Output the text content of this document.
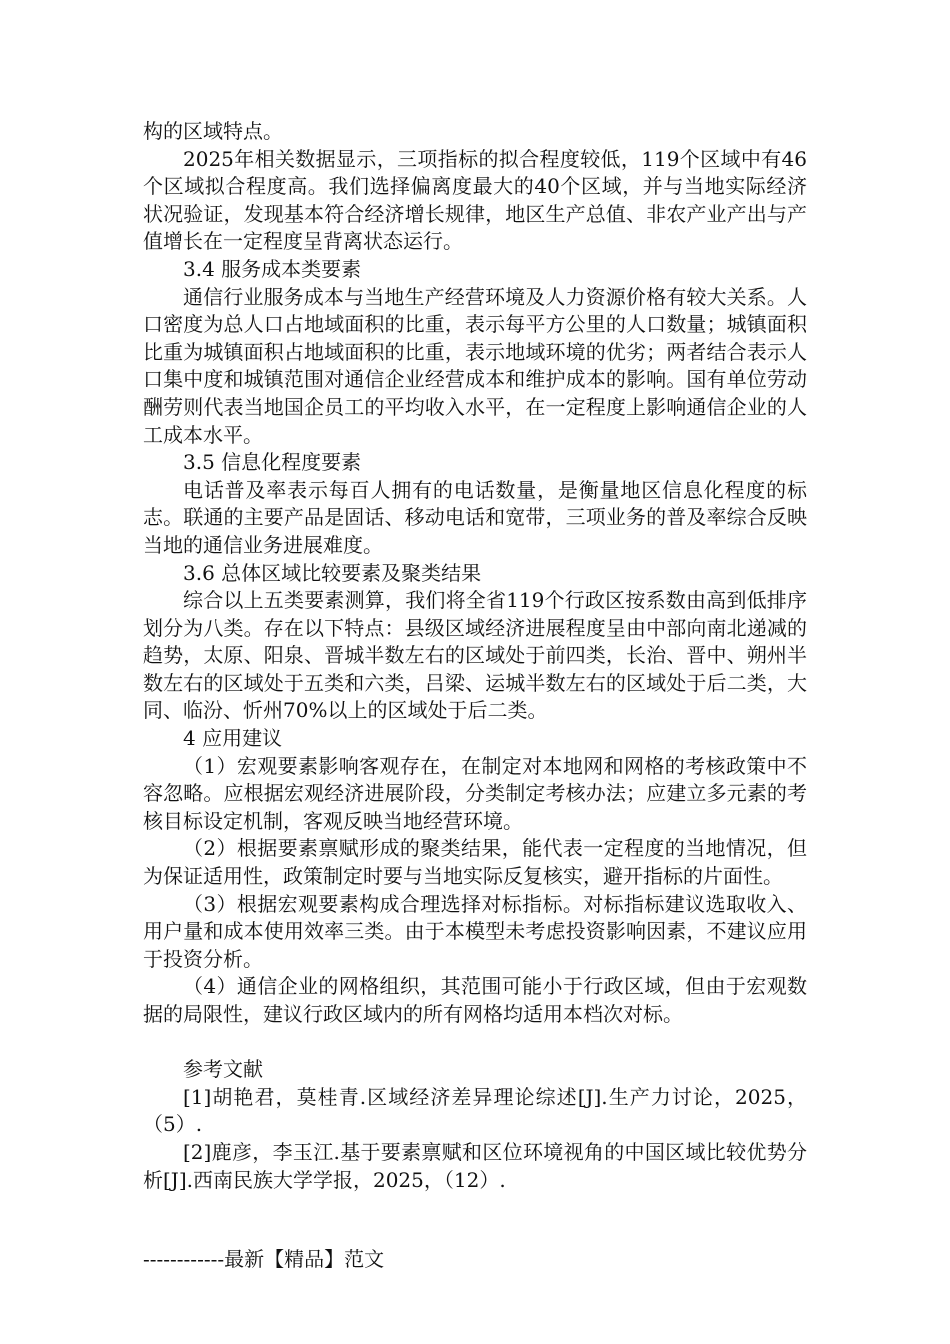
构的区域特点。

2025年相关数据显示，三项指标的拟合程度较低，119个区域中有46个区域拟合程度高。我们选择偏离度最大的40个区域，并与当地实际经济状况验证，发现基本符合经济增长规律，地区生产总值、非农产业产出与产值增长在一定程度呈背离状态运行。

3.4 服务成本类要素

通信行业服务成本与当地生产经营环境及人力资源价格有较大关系。人口密度为总人口占地域面积的比重，表示每平方公里的人口数量；城镇面积比重为城镇面积占地域面积的比重，表示地域环境的优劣；两者结合表示人口集中度和城镇范围对通信企业经营成本和维护成本的影响。国有单位劳动酬劳则代表当地国企员工的平均收入水平，在一定程度上影响通信企业的人工成本水平。

3.5 信息化程度要素

电话普及率表示每百人拥有的电话数量，是衡量地区信息化程度的标志。联通的主要产品是固话、移动电话和宽带，三项业务的普及率综合反映当地的通信业务进展难度。

3.6 总体区域比较要素及聚类结果

综合以上五类要素测算，我们将全省119个行政区按系数由高到低排序划分为八类。存在以下特点：县级区域经济进展程度呈由中部向南北递减的趋势，太原、阳泉、晋城半数左右的区域处于前四类，长治、晋中、朔州半数左右的区域处于五类和六类，吕梁、运城半数左右的区域处于后二类，大同、临汾、忻州70%以上的区域处于后二类。

4 应用建议

（1）宏观要素影响客观存在，在制定对本地网和网格的考核政策中不容忽略。应根据宏观经济进展阶段，分类制定考核办法；应建立多元素的考核目标设定机制，客观反映当地经营环境。

（2）根据要素禀赋形成的聚类结果，能代表一定程度的当地情况，但为保证适用性，政策制定时要与当地实际反复核实，避开指标的片面性。

（3）根据宏观要素构成合理选择对标指标。对标指标建议选取收入、用户量和成本使用效率三类。由于本模型未考虑投资影响因素，不建议应用于投资分析。

（4）通信企业的网格组织，其范围可能小于行政区域，但由于宏观数据的局限性，建议行政区域内的所有网格均适用本档次对标。

参考文献

[1]胡艳君，莫桂青.区域经济差异理论综述[J].生产力讨论，2025，（5）.

[2]鹿彦，李玉江.基于要素禀赋和区位环境视角的中国区域比较优势分析[J].西南民族大学学报，2025，（12）.

------------最新【精品】范文
